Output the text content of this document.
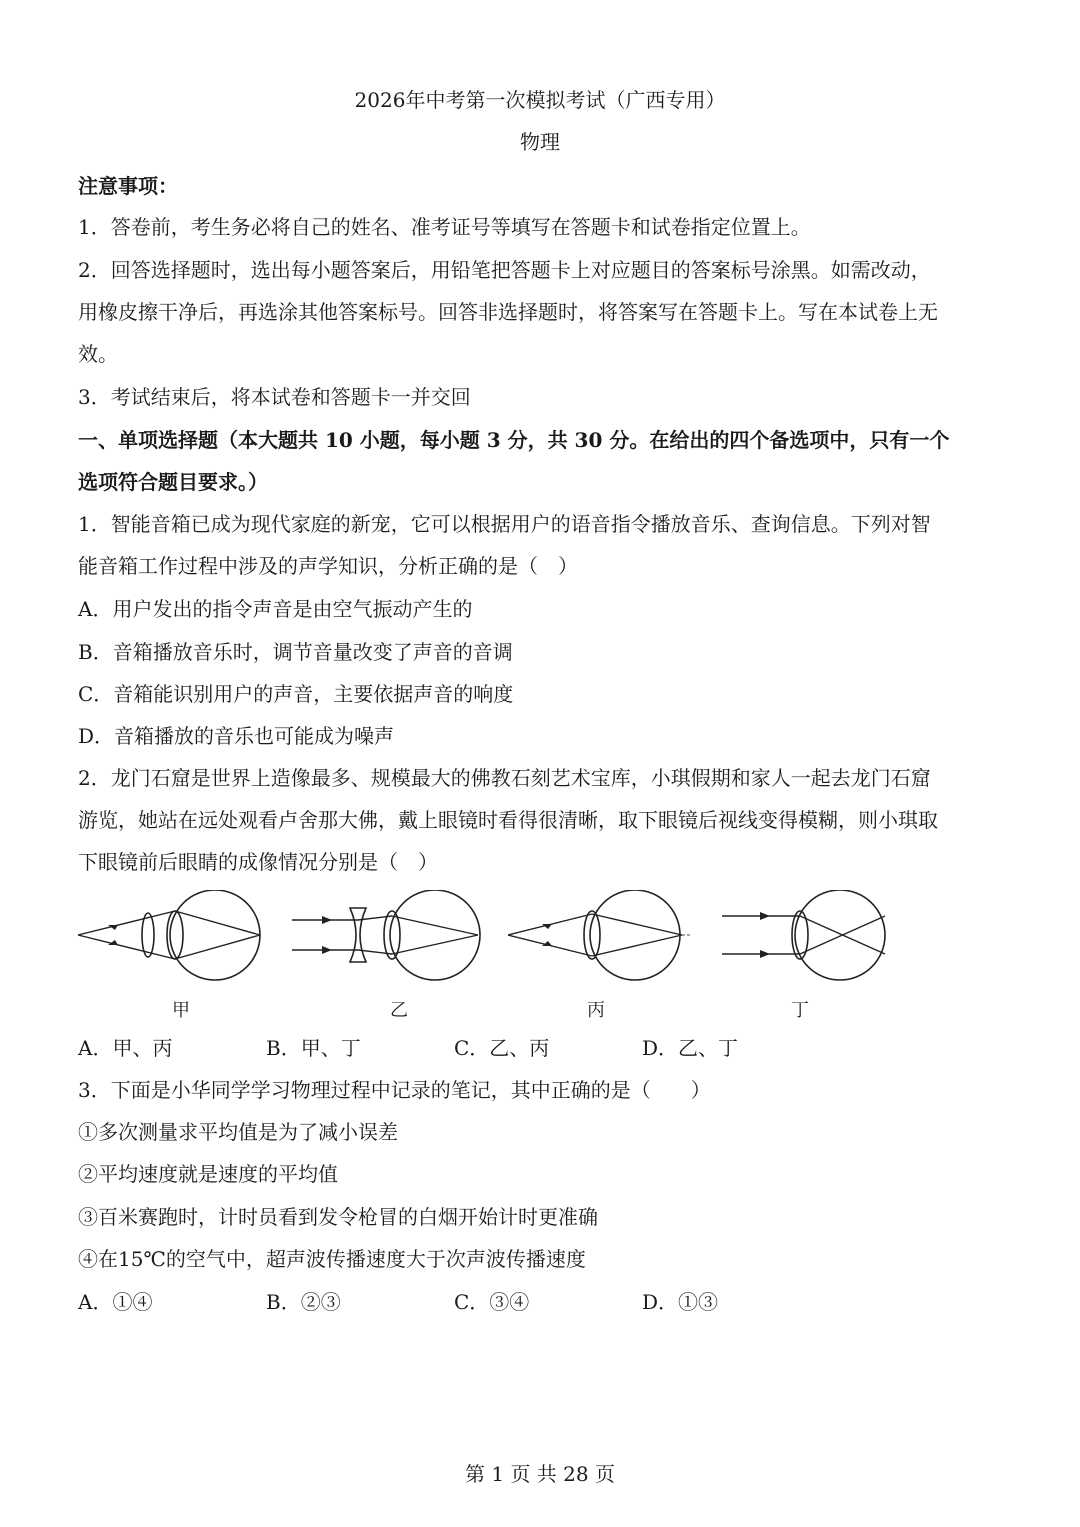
2026年中考第一次模拟考试（广西专用）
物理
注意事项：
1．答卷前，考生务必将自己的姓名、准考证号等填写在答题卡和试卷指定位置上。
2．回答选择题时，选出每小题答案后，用铅笔把答题卡上对应题目的答案标号涂黑。如需改动，
用橡皮擦干净后，再选涂其他答案标号。回答非选择题时，将答案写在答题卡上。写在本试卷上无
效。
3．考试结束后，将本试卷和答题卡一并交回
一、单项选择题（本大题共 10 小题，每小题 3 分，共 30 分。在给出的四个备选项中，只有一个
选项符合题目要求。）
1．智能音箱已成为现代家庭的新宠，它可以根据用户的语音指令播放音乐、查询信息。下列对智
能音箱工作过程中涉及的声学知识，分析正确的是（　）
A．用户发出的指令声音是由空气振动产生的
B．音箱播放音乐时，调节音量改变了声音的音调
C．音箱能识别用户的声音，主要依据声音的响度
D．音箱播放的音乐也可能成为噪声
2．龙门石窟是世界上造像最多、规模最大的佛教石刻艺术宝库，小琪假期和家人一起去龙门石窟
游览，她站在远处观看卢舍那大佛，戴上眼镜时看得很清晰，取下眼镜后视线变得模糊，则小琪取
下眼镜前后眼睛的成像情况分别是（　）
甲	乙	丙	丁
A．甲、丙	B．甲、丁	C．乙、丙	D．乙、丁
3．下面是小华同学学习物理过程中记录的笔记，其中正确的是（　　）
①多次测量求平均值是为了减小误差
②平均速度就是速度的平均值
③百米赛跑时，计时员看到发令枪冒的白烟开始计时更准确
④在15℃的空气中，超声波传播速度大于次声波传播速度
A．①④	B．②③	C．③④	D．①③
第 1 页 共 28 页
